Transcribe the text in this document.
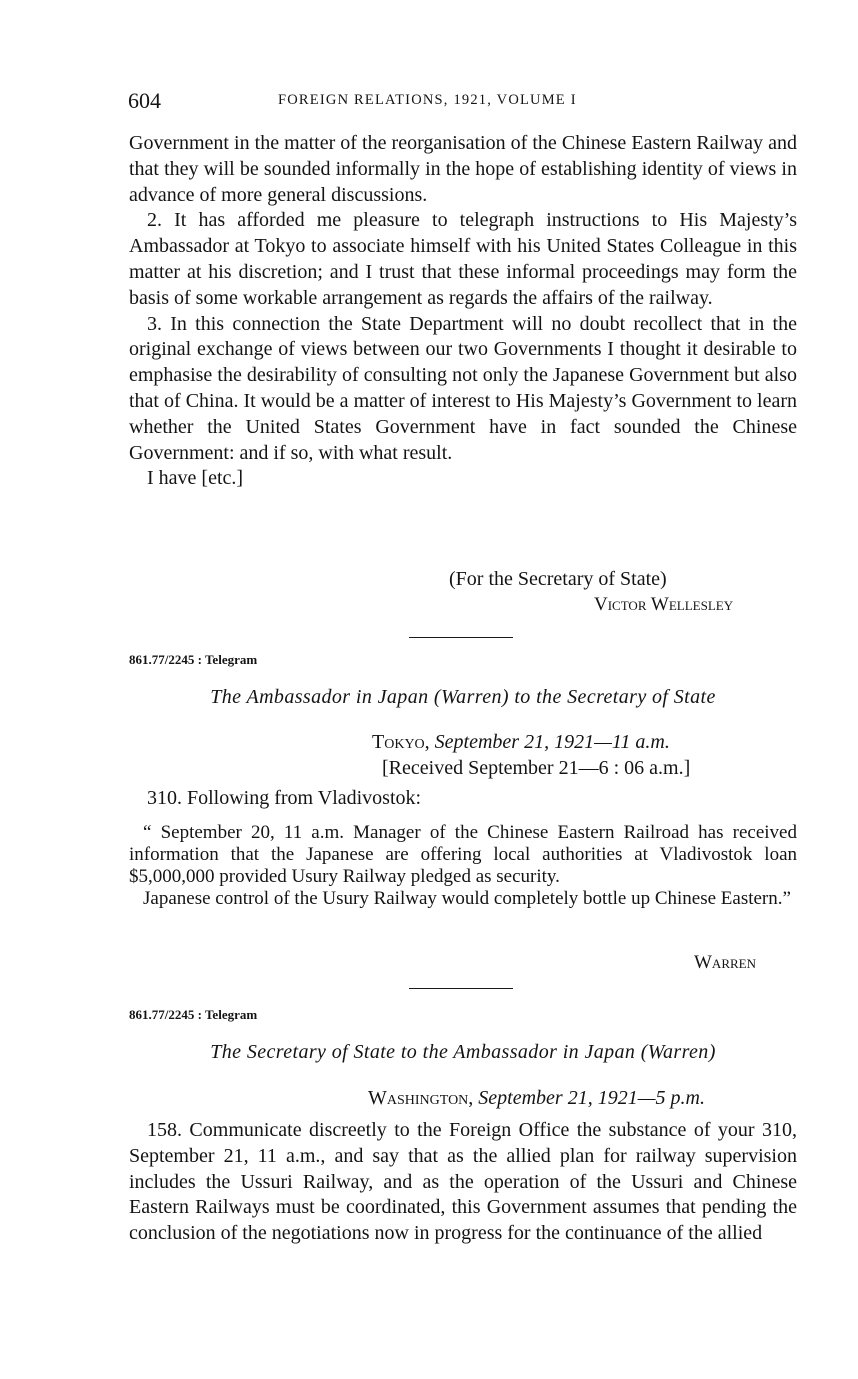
604	FOREIGN RELATIONS, 1921, VOLUME I

Government in the matter of the reorganisation of the Chinese Eastern Railway and that they will be sounded informally in the hope of establishing identity of views in advance of more general discussions.

2. It has afforded me pleasure to telegraph instructions to His Majesty’s Ambassador at Tokyo to associate himself with his United States Colleague in this matter at his discretion; and I trust that these informal proceedings may form the basis of some workable arrangement as regards the affairs of the railway.

3. In this connection the State Department will no doubt recollect that in the original exchange of views between our two Governments I thought it desirable to emphasise the desirability of consulting not only the Japanese Government but also that of China. It would be a matter of interest to His Majesty’s Government to learn whether the United States Government have in fact sounded the Chinese Government: and if so, with what result.

I have [etc.]

(For the Secretary of State)
Victor Wellesley
861.77/2245 : Telegram
The Ambassador in Japan (Warren) to the Secretary of State
Tokyo, September 21, 1921—11 a.m.
[Received September 21—6 : 06 a.m.]

310. Following from Vladivostok:

“ September 20, 11 a.m. Manager of the Chinese Eastern Railroad has received information that the Japanese are offering local authorities at Vladivostok loan $5,000,000 provided Usury Railway pledged as security.

Japanese control of the Usury Railway would completely bottle up Chinese Eastern.”

Warren
861.77/2245 : Telegram
The Secretary of State to the Ambassador in Japan (Warren)
Washington, September 21, 1921—5 p.m.

158. Communicate discreetly to the Foreign Office the substance of your 310, September 21, 11 a.m., and say that as the allied plan for railway supervision includes the Ussuri Railway, and as the operation of the Ussuri and Chinese Eastern Railways must be coordinated, this Government assumes that pending the conclusion of the negotiations now in progress for the continuance of the allied
